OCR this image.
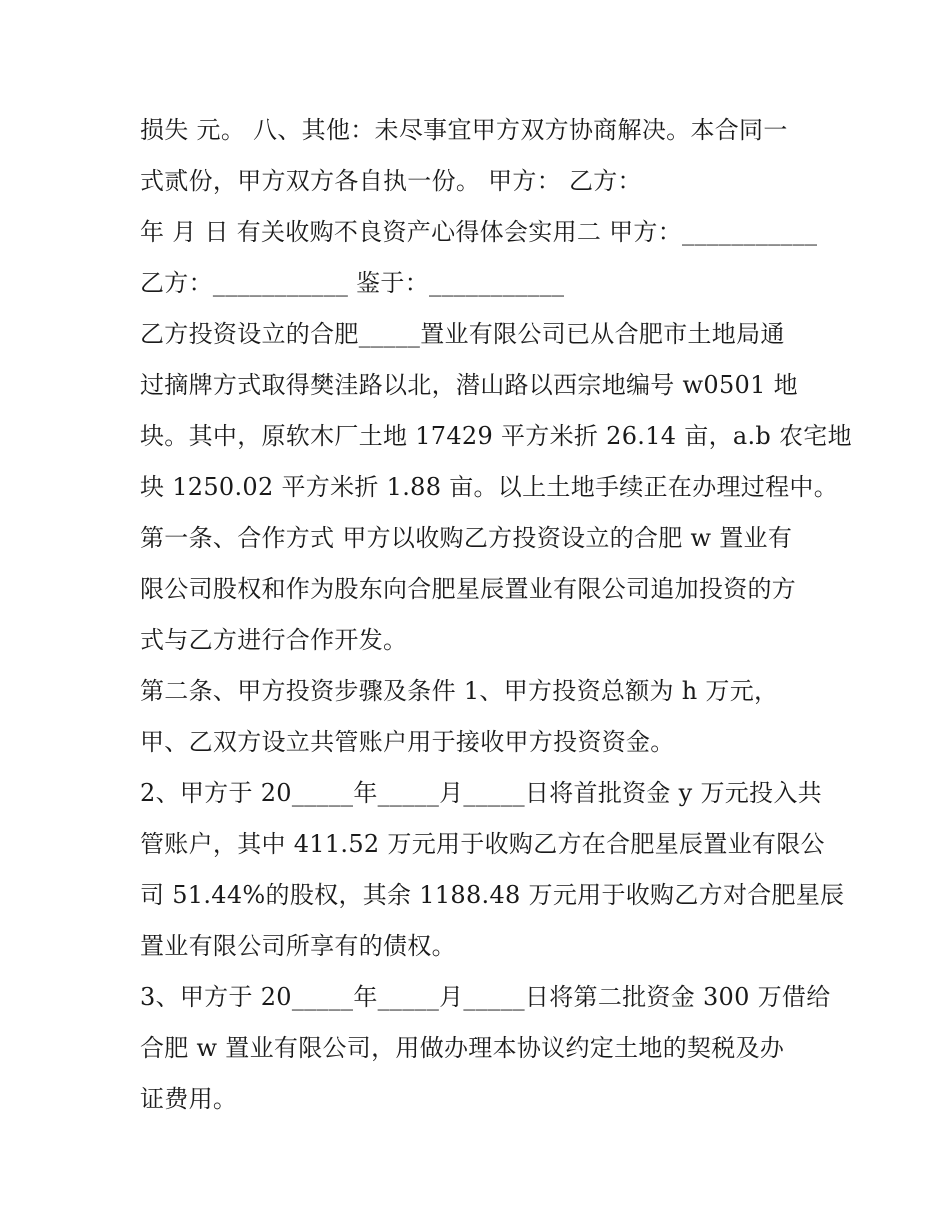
损失 元。 八、其他：未尽事宜甲方双方协商解决。本合同一
式贰份，甲方双方各自执一份。 甲方： 乙方：
年 月 日 有关收购不良资产心得体会实用二 甲方：___________
乙方：___________ 鉴于：___________
乙方投资设立的合肥_____置业有限公司已从合肥市土地局通
过摘牌方式取得樊洼路以北，潜山路以西宗地编号 w0501 地
块。其中，原软木厂土地 17429 平方米折 26.14 亩，a.b 农宅地
块 1250.02 平方米折 1.88 亩。以上土地手续正在办理过程中。
第一条、合作方式 甲方以收购乙方投资设立的合肥 w 置业有
限公司股权和作为股东向合肥星辰置业有限公司追加投资的方
式与乙方进行合作开发。
第二条、甲方投资步骤及条件 1、甲方投资总额为 h 万元，
甲、乙双方设立共管账户用于接收甲方投资资金。
2、甲方于 20_____年_____月_____日将首批资金 y 万元投入共
管账户，其中 411.52 万元用于收购乙方在合肥星辰置业有限公
司 51.44%的股权，其余 1188.48 万元用于收购乙方对合肥星辰
置业有限公司所享有的债权。
3、甲方于 20_____年_____月_____日将第二批资金 300 万借给
合肥 w 置业有限公司，用做办理本协议约定土地的契税及办
证费用。
